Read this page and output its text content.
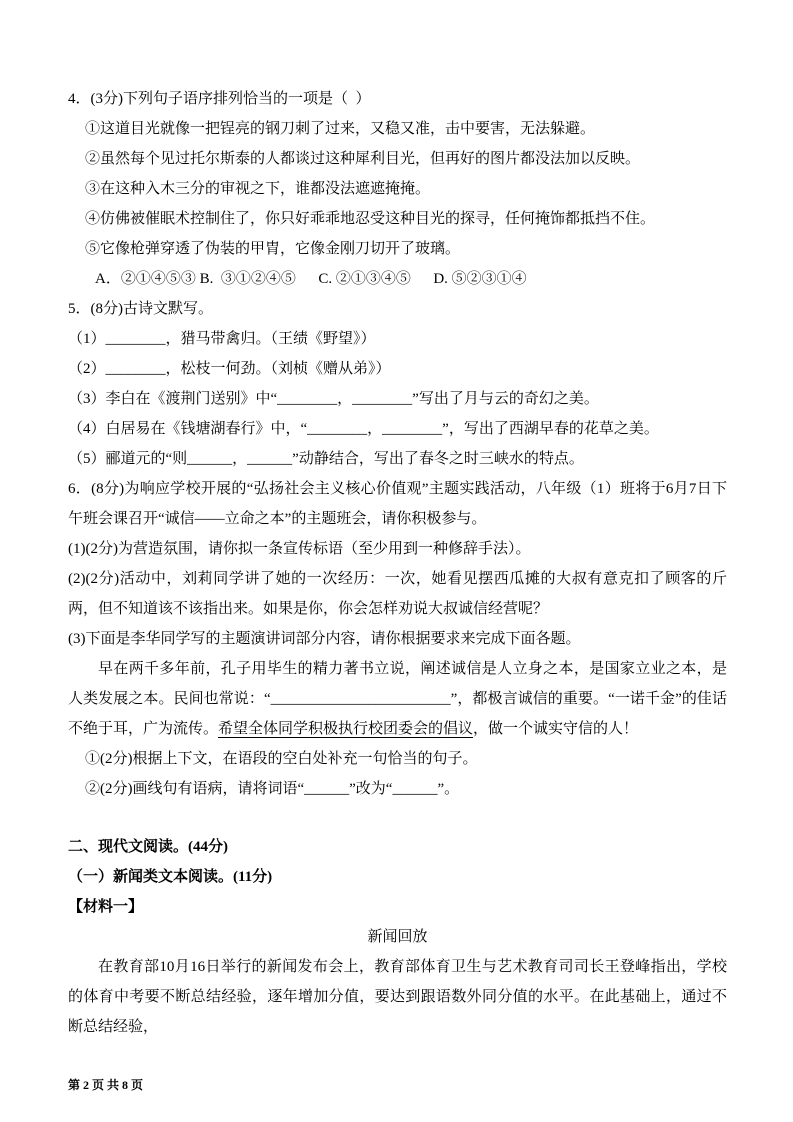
4．(3分)下列句子语序排列恰当的一项是（  ）
①这道目光就像一把锃亮的钢刀刺了过来，又稳又准，击中要害，无法躲避。
②虽然每个见过托尔斯泰的人都谈过这种犀利目光，但再好的图片都没法加以反映。
③在这种入木三分的审视之下，谁都没法遮遮掩掩。
④仿佛被催眠术控制住了，你只好乖乖地忍受这种目光的探寻，任何掩饰都抵挡不住。
⑤它像枪弹穿透了伪装的甲胄，它像金刚刀切开了玻璃。
A．②①④⑤③ B.  ③①②④⑤      C. ②①③④⑤      D. ⑤②③①④
5．(8分)古诗文默写。
（1）________，猎马带禽归。（王绩《野望》）
（2）________，松枝一何劲。（刘桢《赠从弟》）
（3）李白在《渡荆门送别》中“________，________”写出了月与云的奇幻之美。
（4）白居易在《钱塘湖春行》中，“________，________”，写出了西湖早春的花草之美。
（5）郦道元的“则______，______”动静结合，写出了春冬之时三峡水的特点。

6．(8分)为响应学校开展的“弘扬社会主义核心价值观”主题实践活动，八年级（1）班将于6月7日下午班会课召开“诚信——立命之本”的主题班会，请你积极参与。

(1)(2分)为营造氛围，请你拟一条宣传标语（至少用到一种修辞手法）。

(2)(2分)活动中，刘莉同学讲了她的一次经历：一次，她看见摆西瓜摊的大叔有意克扣了顾客的斤两，但不知道该不该指出来。如果是你，你会怎样劝说大叔诚信经营呢？

(3)下面是李华同学写的主题演讲词部分内容，请你根据要求来完成下面各题。

早在两千多年前，孔子用毕生的精力著书立说，阐述诚信是人立身之本，是国家立业之本，是人类发展之本。民间也常说：“________________________”，都极言诚信的重要。“一诺千金”的佳话不绝于耳，广为流传。希望全体同学积极执行校团委会的倡议，做一个诚实守信的人！

①(2分)根据上下文，在语段的空白处补充一句恰当的句子。
②(2分)画线句有语病，请将词语“______”改为“______”。
二、现代文阅读。(44分)
（一）新闻类文本阅读。(11分)
【材料一】
新闻回放

在教育部10月16日举行的新闻发布会上，教育部体育卫生与艺术教育司司长王登峰指出，学校的体育中考要不断总结经验，逐年增加分值，要达到跟语数外同分值的水平。在此基础上，通过不断总结经验，

第 2 页 共 8 页
